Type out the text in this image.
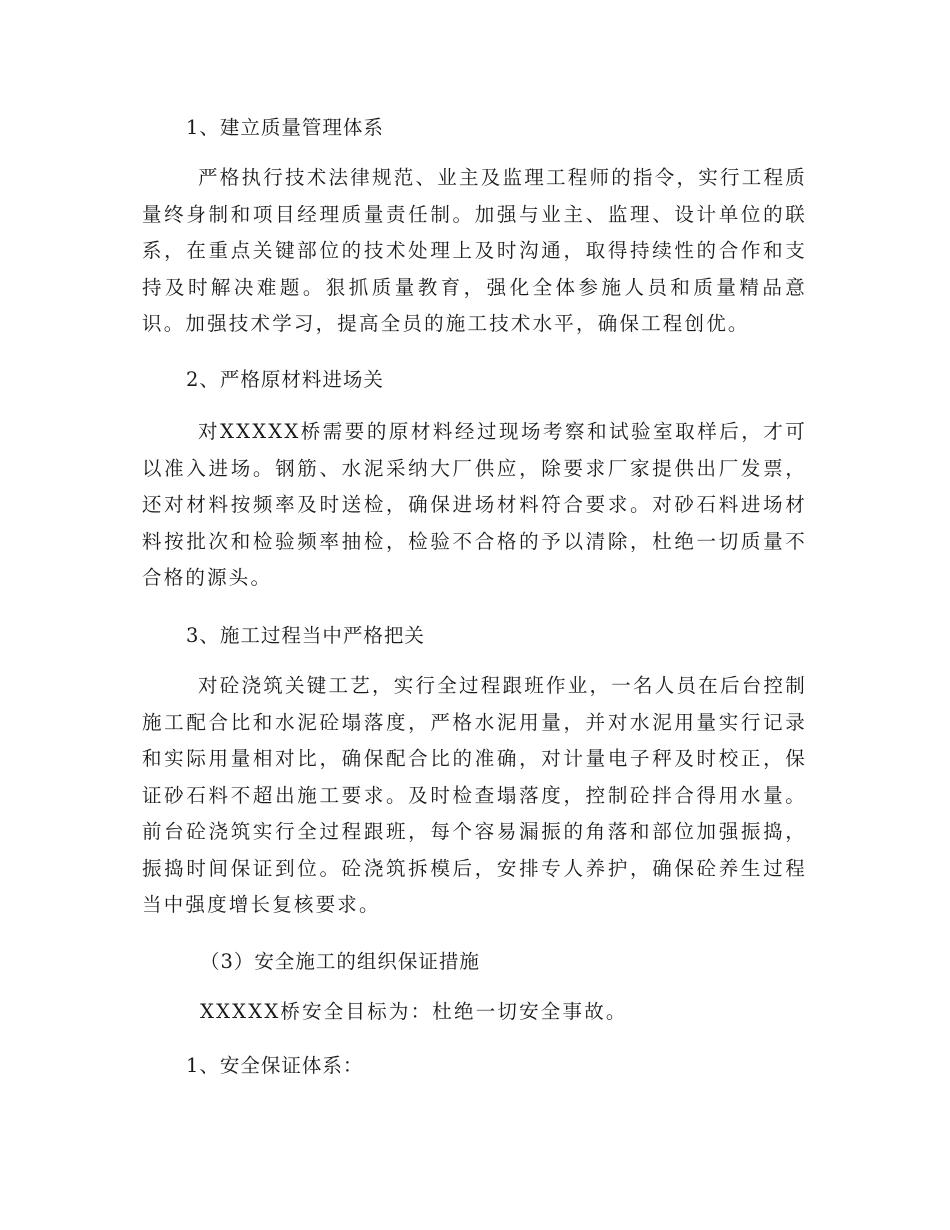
1、建立质量管理体系

严格执行技术法律规范、业主及监理工程师的指令，实行工程质量终身制和项目经理质量责任制。加强与业主、监理、设计单位的联系，在重点关键部位的技术处理上及时沟通，取得持续性的合作和支持及时解决难题。狠抓质量教育，强化全体参施人员和质量精品意识。加强技术学习，提高全员的施工技术水平，确保工程创优。

2、严格原材料进场关

对XXXXX桥需要的原材料经过现场考察和试验室取样后，才可以准入进场。钢筋、水泥采纳大厂供应，除要求厂家提供出厂发票，还对材料按频率及时送检，确保进场材料符合要求。对砂石料进场材料按批次和检验频率抽检，检验不合格的予以清除，杜绝一切质量不合格的源头。

3、施工过程当中严格把关

对砼浇筑关键工艺，实行全过程跟班作业，一名人员在后台控制施工配合比和水泥砼塌落度，严格水泥用量，并对水泥用量实行记录和实际用量相对比，确保配合比的准确，对计量电子秤及时校正，保证砂石料不超出施工要求。及时检查塌落度，控制砼拌合得用水量。前台砼浇筑实行全过程跟班，每个容易漏振的角落和部位加强振捣，振捣时间保证到位。砼浇筑拆模后，安排专人养护，确保砼养生过程当中强度增长复核要求。

（3）安全施工的组织保证措施

XXXXX桥安全目标为：杜绝一切安全事故。

1、安全保证体系：
